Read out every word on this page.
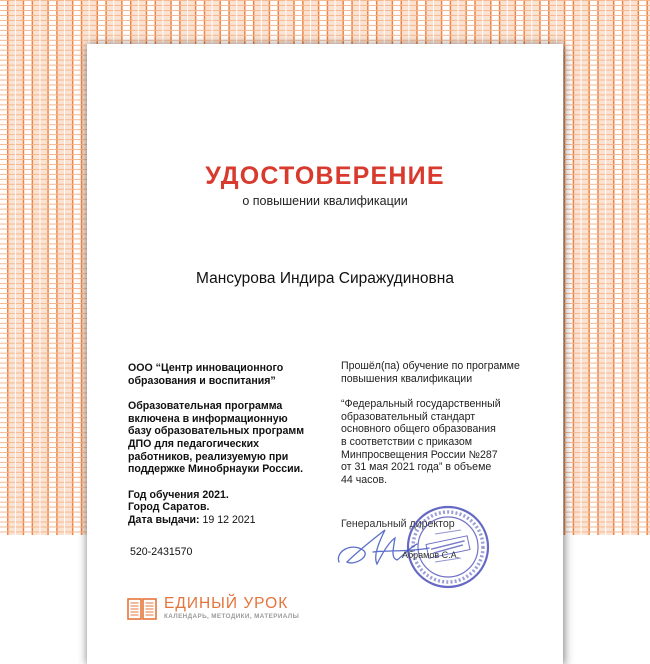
УДОСТОВЕРЕНИЕ
о повышении квалификации
Мансурова Индира Сиражудиновна
ООО “Центр инновационного
образования и воспитания”
Образовательная программа
включена в информационную
базу образовательных программ
ДПО для педагогических
работников, реализуемую при
поддержке Минобрнауки России.
Год обучения 2021.
Город Саратов.
Дата выдачи: 19 12 2021
520-2431570
Прошёл(па) обучение по программе
повышения квалификации
“Федеральный государственный
образовательный стандарт
основного общего образования
в соответствии с приказом
Минпросвещения России №287
от 31 мая 2021 года” в объеме
44 часов.
Генеральный директор
Абрамов С.А.
ЕДИНЫЙ УРОК
КАЛЕНДАРЬ, МЕТОДИКИ, МАТЕРИАЛЫ
